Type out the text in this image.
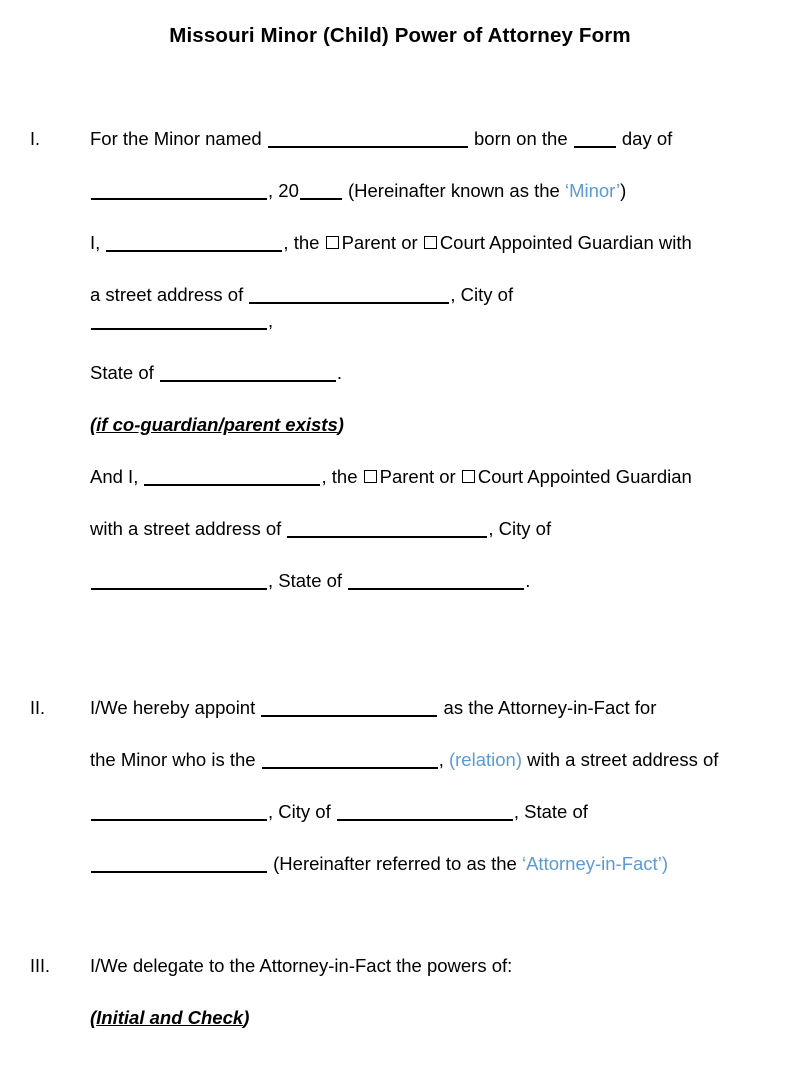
Missouri Minor (Child) Power of Attorney Form
I.	For the Minor named	born on the	day of
, 20	(Hereinafter known as the ‘Minor’)
I,	, the Parent or Court Appointed Guardian with
a street address of	, City of
,
State of	.
(if co-guardian/parent exists)
And I,	, the Parent or Court Appointed Guardian
with a street address of	, City of
, State of	.
II. I/We hereby appoint	as the Attorney-in-Fact for
the Minor who is the	, (relation) with a street address of
, City of	, State of
(Hereinafter referred to as the ‘Attorney-in-Fact’)
III. I/We delegate to the Attorney-in-Fact the powers of:
(Initial and Check)
